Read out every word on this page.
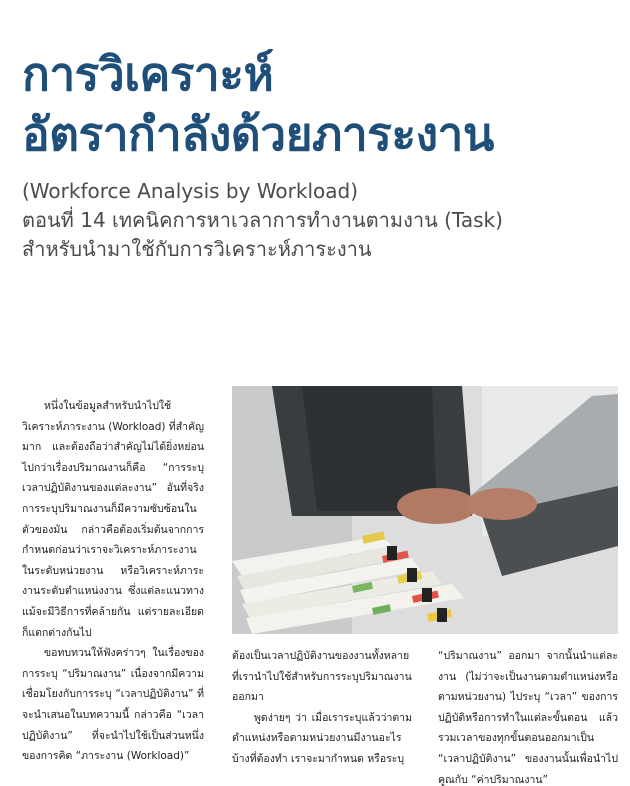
การวิเคราะห์
อัตรากำลังด้วยภาระงาน
(Workforce Analysis by Workload)
ตอนที่ 14 เทคนิคการหาเวลาการทำงานตามงาน (Task)
สำหรับนำมาใช้กับการวิเคราะห์ภาระงาน

หนึ่งในข้อมูลสำหรับนำไปใช้วิเคราะห์ภาระงาน (Workload) ที่สำคัญมาก และต้องถือว่าสำคัญไม่ได้ยิ่งหย่อนไปกว่าเรื่องปริมาณงานก็คือ “การระบุเวลาปฏิบัติงานของแต่ละงาน” อันที่จริงการระบุปริมาณงานก็มีความซับซ้อนในตัวของมัน กล่าวคือต้องเริ่มต้นจากการกำหนดก่อนว่าเราจะวิเคราะห์ภาระงานในระดับหน่วยงาน หรือวิเคราะห์ภาระงานระดับตำแหน่งงาน ซึ่งแต่ละแนวทางแม้จะมีวิธีการที่คล้ายกัน แต่รายละเอียดก็แตกต่างกันไป

ขอทบทวนให้ฟังคร่าวๆ ในเรื่องของการระบุ “ปริมาณงาน” เนื่องจากมีความเชื่อมโยงกับการระบุ “เวลาปฏิบัติงาน” ที่จะนำเสนอในบทความนี้ กล่าวคือ “เวลาปฏิบัติงาน” ที่จะนำไปใช้เป็นส่วนหนึ่งของการคิด “ภาระงาน (Workload)”

ต้องเป็นเวลาปฏิบัติงานของงานทั้งหลายที่เรานำไปใช้สำหรับการระบุปริมาณงานออกมา

พูดง่ายๆ ว่า เมื่อเราระบุแล้วว่าตามตำแหน่งหรือตามหน่วยงานมีงานอะไรบ้างที่ต้องทำ เราจะมากำหนด หรือระบุ

“ปริมาณงาน” ออกมา จากนั้นนำแต่ละงาน (ไม่ว่าจะเป็นงานตามตำแหน่งหรือตามหน่วยงาน) ไประบุ “เวลา” ของการปฏิบัติหรือการทำในแต่ละขั้นตอน แล้วรวมเวลาของทุกขั้นตอนออกมาเป็น “เวลาปฏิบัติงาน” ของงานนั้นเพื่อนำไปคูณกับ “ค่าปริมาณงาน”
